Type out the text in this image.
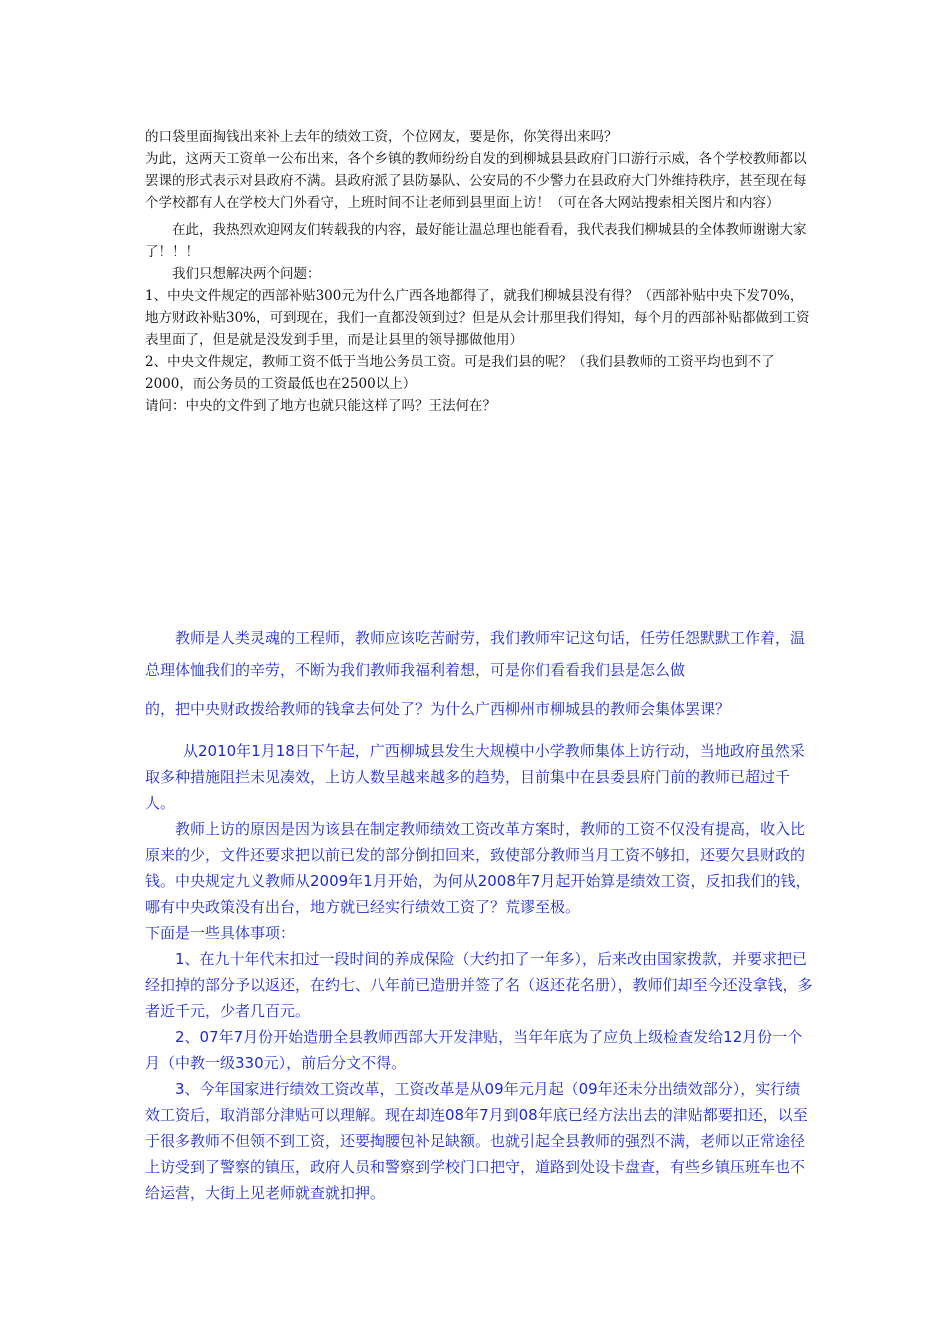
的口袋里面掏钱出来补上去年的绩效工资，个位网友，要是你，你笑得出来吗？

为此，这两天工资单一公布出来，各个乡镇的教师纷纷自发的到柳城县县政府门口游行示威，各个学校教师都以罢课的形式表示对县政府不满。县政府派了县防暴队、公安局的不少警力在县政府大门外维持秩序，甚至现在每个学校都有人在学校大门外看守，上班时间不让老师到县里面上访！（可在各大网站搜索相关图片和内容）

在此，我热烈欢迎网友们转载我的内容，最好能让温总理也能看看，我代表我们柳城县的全体教师谢谢大家了！！！

我们只想解决两个问题：

1、中央文件规定的西部补贴300元为什么广西各地都得了，就我们柳城县没有得？（西部补贴中央下发70%，地方财政补贴30%，可到现在，我们一直都没领到过？但是从会计那里我们得知，每个月的西部补贴都做到工资表里面了，但是就是没发到手里，而是让县里的领导挪做他用）

2、中央文件规定，教师工资不低于当地公务员工资。可是我们县的呢？（我们县教师的工资平均也到不了2000，而公务员的工资最低也在2500以上）

请问：中央的文件到了地方也就只能这样了吗？王法何在？

教师是人类灵魂的工程师，教师应该吃苦耐劳，我们教师牢记这句话，任劳任怨默默工作着，温总理体恤我们的辛劳，不断为我们教师我福利着想，可是你们看看我们县是怎么做

的，把中央财政拨给教师的钱拿去何处了？为什么广西柳州市柳城县的教师会集体罢课？

从2010年1月18日下午起，广西柳城县发生大规模中小学教师集体上访行动，当地政府虽然采取多种措施阻拦未见凑效，上访人数呈越来越多的趋势，目前集中在县委县府门前的教师已超过千人。

教师上访的原因是因为该县在制定教师绩效工资改革方案时，教师的工资不仅没有提高，收入比原来的少，文件还要求把以前已发的部分倒扣回来，致使部分教师当月工资不够扣，还要欠县财政的钱。中央规定九义教师从2009年1月开始，为何从2008年7月起开始算是绩效工资，反扣我们的钱，哪有中央政策没有出台，地方就已经实行绩效工资了？荒谬至极。

下面是一些具体事项：

1、在九十年代末扣过一段时间的养成保险（大约扣了一年多），后来改由国家拨款，并要求把已经扣掉的部分予以返还，在约七、八年前已造册并签了名（返还花名册），教师们却至今还没拿钱，多者近千元，少者几百元。

2、07年7月份开始造册全县教师西部大开发津贴，当年年底为了应负上级检查发给12月份一个月（中教一级330元），前后分文不得。

3、今年国家进行绩效工资改革，工资改革是从09年元月起（09年还未分出绩效部分），实行绩效工资后，取消部分津贴可以理解。现在却连08年7月到08年底已经方法出去的津贴都要扣还，以至于很多教师不但领不到工资，还要掏腰包补足缺额。也就引起全县教师的强烈不满，老师以正常途径上访受到了警察的镇压，政府人员和警察到学校门口把守，道路到处设卡盘查，有些乡镇压班车也不给运营，大街上见老师就查就扣押。
